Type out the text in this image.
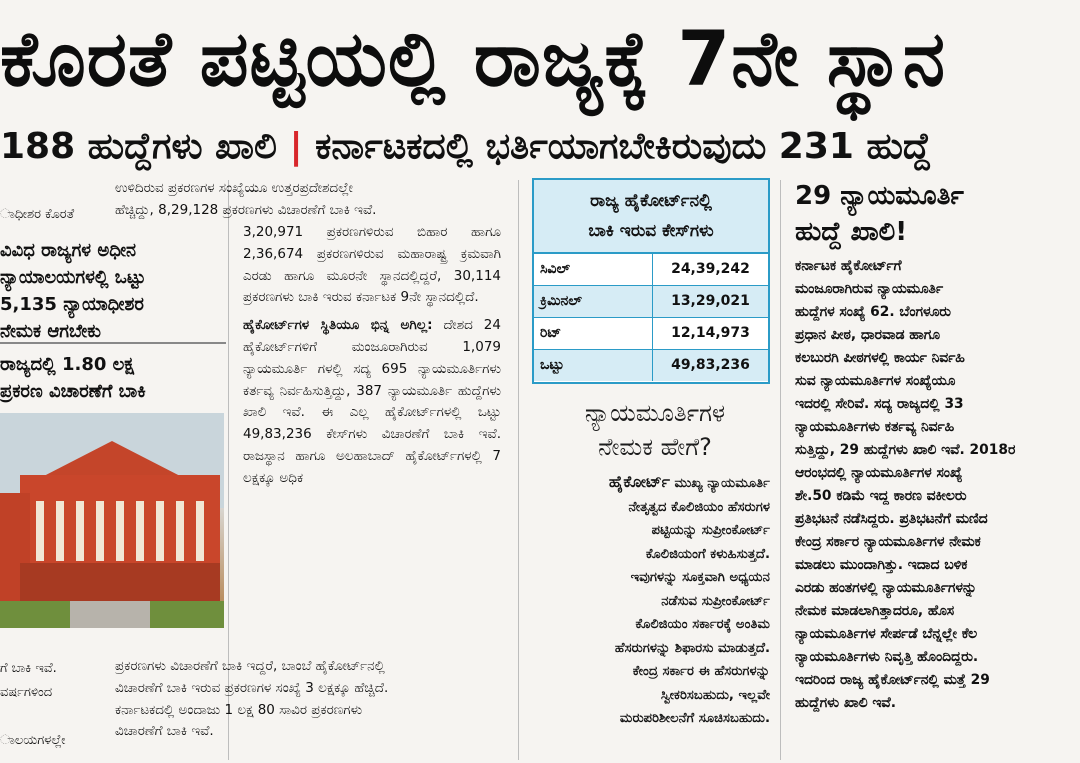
ಕೊರತೆ ಪಟ್ಟಿಯಲ್ಲಿ ರಾಜ್ಯಕ್ಕೆ 7ನೇ ಸ್ಥಾನ
188 ಹುದ್ದೆಗಳು ಖಾಲಿ | ಕರ್ನಾಟಕದಲ್ಲಿ ಭರ್ತಿಯಾಗಬೇಕಿರುವುದು 231 ಹುದ್ದೆ
ಾಧೀಶರ ಕೊರತೆ
ವಿವಿಧ ರಾಜ್ಯಗಳ ಅಧೀನ
ನ್ಯಾಯಾಲಯಗಳಲ್ಲಿ ಒಟ್ಟು
5,135 ನ್ಯಾಯಾಧೀಶರ
ನೇಮಕ ಆಗಬೇಕು
ರಾಜ್ಯದಲ್ಲಿ 1.80 ಲಕ್ಷ
ಪ್ರಕರಣ ವಿಚಾರಣೆಗೆ ಬಾಕಿ
ಗೆ ಬಾಕಿ ಇವೆ.
ವರ್ಷಗಳಿಂದ
ಾಲಯಗಳಲ್ಲೇ

ಉಳಿದಿರುವ ಪ್ರಕರಣಗಳ ಸಂಖ್ಯೆಯೂ ಉತ್ತರಪ್ರದೇಶದಲ್ಲೇ

ಹೆಚ್ಚಿದ್ದು, 8,29,128 ಪ್ರಕರಣಗಳು ವಿಚಾರಣೆಗೆ ಬಾಕಿ ಇವೆ.

3,20,971 ಪ್ರಕರಣಗಳಿರುವ ಬಿಹಾರ ಹಾಗೂ 2,36,674 ಪ್ರಕರಣಗಳಿರುವ ಮಹಾರಾಷ್ಟ್ರ ಕ್ರಮವಾಗಿ ಎರಡು ಹಾಗೂ ಮೂರನೇ ಸ್ಥಾನದಲ್ಲಿದ್ದರೆ, 30,114 ಪ್ರಕರಣಗಳು ಬಾಕಿ ಇರುವ ಕರ್ನಾಟಕ 9ನೇ ಸ್ಥಾನದಲ್ಲಿದೆ.

ಹೈಕೋರ್ಟ್‌ಗಳ ಸ್ಥಿತಿಯೂ ಭಿನ್ನ ಅಗಿಲ್ಲ: ದೇಶದ 24 ಹೈಕೋರ್ಟ್‌ಗಳಿಗೆ ಮಂಜೂರಾಗಿರುವ 1,079 ನ್ಯಾಯಮೂರ್ತಿ ಗಳಲ್ಲಿ ಸದ್ಯ 695 ನ್ಯಾಯಮೂರ್ತಿಗಳು ಕರ್ತವ್ಯ ನಿರ್ವಹಿಸುತ್ತಿದ್ದು, 387 ನ್ಯಾಯಮೂರ್ತಿ ಹುದ್ದೆಗಳು ಖಾಲಿ ಇವೆ. ಈ ಎಲ್ಲ ಹೈಕೋರ್ಟ್‌ಗಳಲ್ಲಿ ಒಟ್ಟು 49,83,236 ಕೇಸ್‌ಗಳು ವಿಚಾರಣೆಗೆ ಬಾಕಿ ಇವೆ. ರಾಜಸ್ಥಾನ ಹಾಗೂ ಅಲಹಾಬಾದ್ ಹೈಕೋರ್ಟ್‌ಗಳಲ್ಲಿ 7 ಲಕ್ಷಕ್ಕೂ ಅಧಿಕ

ಪ್ರಕರಣಗಳು ವಿಚಾರಣೆಗೆ ಬಾಕಿ ಇದ್ದರೆ, ಬಾಂಬೆ ಹೈಕೋರ್ಟ್‌ನಲ್ಲಿ

ವಿಚಾರಣೆಗೆ ಬಾಕಿ ಇರುವ ಪ್ರಕರಣಗಳ ಸಂಖ್ಯೆ 3 ಲಕ್ಷಕ್ಕೂ ಹೆಚ್ಚಿದೆ.

ಕರ್ನಾಟಕದಲ್ಲಿ ಅಂದಾಜು 1 ಲಕ್ಷ 80 ಸಾವಿರ ಪ್ರಕರಣಗಳು

ವಿಚಾರಣೆಗೆ ಬಾಕಿ ಇವೆ.

ರಾಜ್ಯ ಹೈಕೋರ್ಟ್‌ನಲ್ಲಿ
ಬಾಕಿ ಇರುವ ಕೇಸ್‌ಗಳು
ಸಿವಿಲ್	24,39,242
ಕ್ರಿಮಿನಲ್	13,29,021
ರಿಟ್	12,14,973
ಒಟ್ಟು	49,83,236
ನ್ಯಾಯಮೂರ್ತಿಗಳ
ನೇಮಕ ಹೇಗೆ?

ಹೈಕೋರ್ಟ್ ಮುಖ್ಯ ನ್ಯಾಯಮೂರ್ತಿ

ನೇತೃತ್ವದ ಕೊಲಿಜಿಯಂ ಹೆಸರುಗಳ

ಪಟ್ಟಿಯನ್ನು ಸುಪ್ರೀಂಕೋರ್ಟ್

ಕೊಲಿಜಿಯಂಗೆ ಕಳುಹಿಸುತ್ತದೆ.

ಇವುಗಳನ್ನು ಸೂಕ್ತವಾಗಿ ಅಧ್ಯಯನ

ನಡೆಸುವ ಸುಪ್ರೀಂಕೋರ್ಟ್

ಕೊಲಿಜಿಯಂ ಸರ್ಕಾರಕ್ಕೆ ಅಂತಿಮ

ಹೆಸರುಗಳನ್ನು ಶಿಫಾರಸು ಮಾಡುತ್ತದೆ.

ಕೇಂದ್ರ ಸರ್ಕಾರ ಈ ಹೆಸರುಗಳನ್ನು

ಸ್ವೀಕರಿಸಬಹುದು, ಇಲ್ಲವೇ

ಮರುಪರಿಶೀಲನೆಗೆ ಸೂಚಿಸಬಹುದು.

29 ನ್ಯಾಯಮೂರ್ತಿ
ಹುದ್ದೆ ಖಾಲಿ!

ಕರ್ನಾಟಕ ಹೈಕೋರ್ಟ್‌ಗೆ

ಮಂಜೂರಾಗಿರುವ ನ್ಯಾಯಮೂರ್ತಿ

ಹುದ್ದೆಗಳ ಸಂಖ್ಯೆ 62. ಬೆಂಗಳೂರು

ಪ್ರಧಾನ ಪೀಠ, ಧಾರವಾಡ ಹಾಗೂ

ಕಲಬುರಗಿ ಪೀಠಗಳಲ್ಲಿ ಕಾರ್ಯ ನಿರ್ವಹಿ

ಸುವ ನ್ಯಾಯಮೂರ್ತಿಗಳ ಸಂಖ್ಯೆಯೂ

ಇದರಲ್ಲಿ ಸೇರಿವೆ. ಸದ್ಯ ರಾಜ್ಯದಲ್ಲಿ 33

ನ್ಯಾಯಮೂರ್ತಿಗಳು ಕರ್ತವ್ಯ ನಿರ್ವಹಿ

ಸುತ್ತಿದ್ದು, 29 ಹುದ್ದೆಗಳು ಖಾಲಿ ಇವೆ. 2018ರ

ಆರಂಭದಲ್ಲಿ ನ್ಯಾಯಮೂರ್ತಿಗಳ ಸಂಖ್ಯೆ

ಶೇ.50 ಕಡಿಮೆ ಇದ್ದ ಕಾರಣ ವಕೀಲರು

ಪ್ರತಿಭಟನೆ ನಡೆಸಿದ್ದರು. ಪ್ರತಿಭಟನೆಗೆ ಮಣಿದ

ಕೇಂದ್ರ ಸರ್ಕಾರ ನ್ಯಾಯಮೂರ್ತಿಗಳ ನೇಮಕ

ಮಾಡಲು ಮುಂದಾಗಿತ್ತು. ಇದಾದ ಬಳಿಕ

ಎರಡು ಹಂತಗಳಲ್ಲಿ ನ್ಯಾಯಮೂರ್ತಿಗಳನ್ನು

ನೇಮಕ ಮಾಡಲಾಗಿತ್ತಾದರೂ, ಹೊಸ

ನ್ಯಾಯಮೂರ್ತಿಗಳ ಸೇರ್ಪಡೆ ಬೆನ್ನಲ್ಲೇ ಕೆಲ

ನ್ಯಾಯಮೂರ್ತಿಗಳು ನಿವೃತ್ತಿ ಹೊಂದಿದ್ದರು.

ಇದರಿಂದ ರಾಜ್ಯ ಹೈಕೋರ್ಟ್‌ನಲ್ಲಿ ಮತ್ತೆ 29

ಹುದ್ದೆಗಳು ಖಾಲಿ ಇವೆ.
